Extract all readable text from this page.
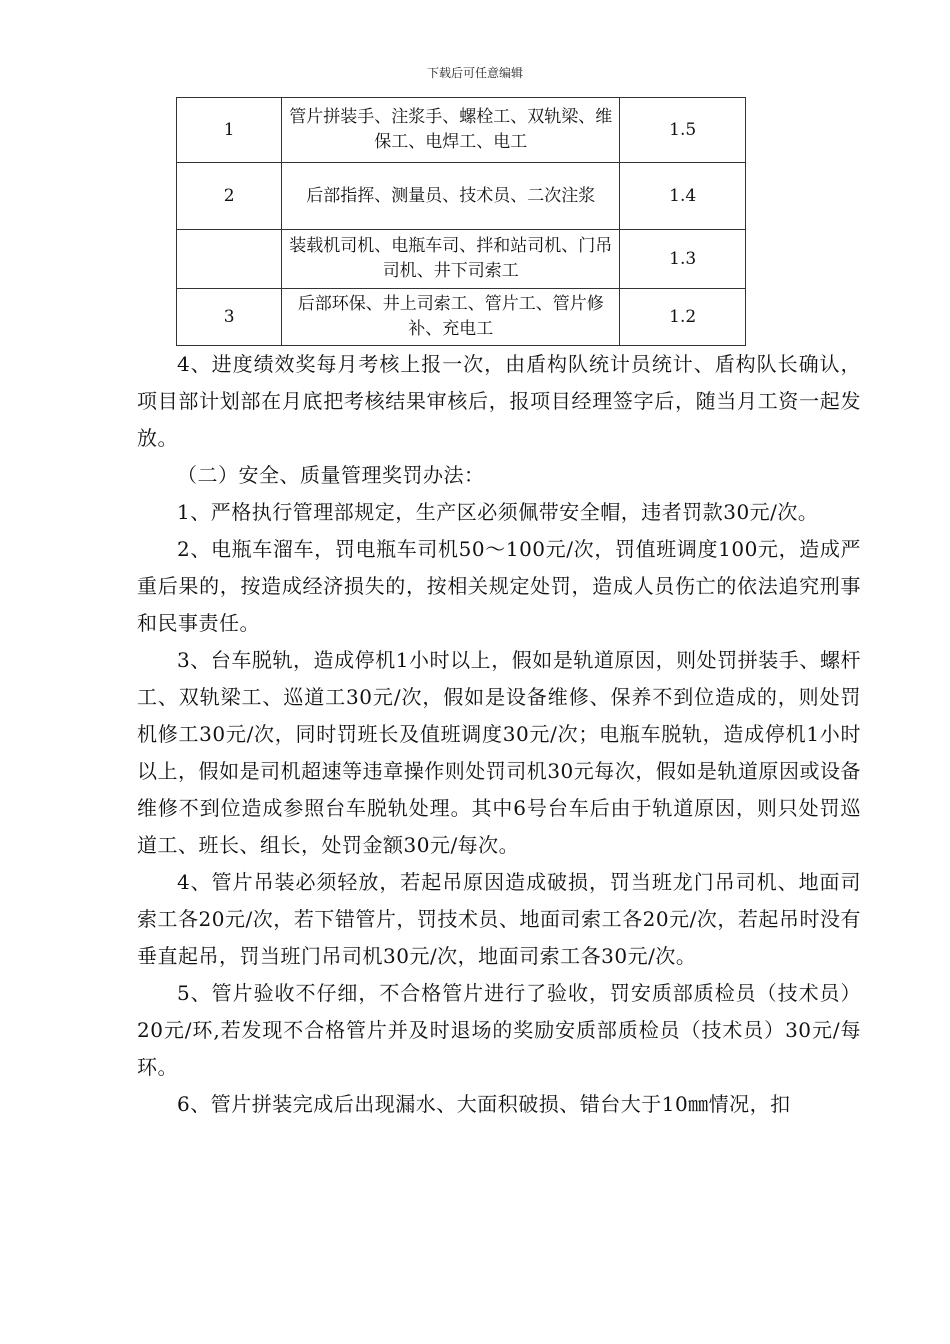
下载后可任意编辑
1	管片拼装手、注浆手、螺栓工、双轨梁、维保工、电焊工、电工	1.5
2	后部指挥、测量员、技术员、二次注浆	1.4
	装载机司机、电瓶车司、拌和站司机、门吊司机、井下司索工	1.3
3	后部环保、井上司索工、管片工、管片修补、充电工	1.2

4、进度绩效奖每月考核上报一次，由盾构队统计员统计、盾构队长确认，项目部计划部在月底把考核结果审核后，报项目经理签字后，随当月工资一起发放。

（二）安全、质量管理奖罚办法：

1、严格执行管理部规定，生产区必须佩带安全帽，违者罚款30元/次。

2、电瓶车溜车，罚电瓶车司机50～100元/次，罚值班调度100元，造成严重后果的，按造成经济损失的，按相关规定处罚，造成人员伤亡的依法追究刑事和民事责任。

3、台车脱轨，造成停机1小时以上，假如是轨道原因，则处罚拼装手、螺杆工、双轨梁工、巡道工30元/次，假如是设备维修、保养不到位造成的，则处罚机修工30元/次，同时罚班长及值班调度30元/次；电瓶车脱轨，造成停机1小时以上，假如是司机超速等违章操作则处罚司机30元每次，假如是轨道原因或设备维修不到位造成参照台车脱轨处理。其中6号台车后由于轨道原因，则只处罚巡道工、班长、组长，处罚金额30元/每次。

4、管片吊装必须轻放，若起吊原因造成破损，罚当班龙门吊司机、地面司索工各20元/次，若下错管片，罚技术员、地面司索工各20元/次，若起吊时没有垂直起吊，罚当班门吊司机30元/次，地面司索工各30元/次。

5、管片验收不仔细，不合格管片进行了验收，罚安质部质检员（技术员）20元/环,若发现不合格管片并及时退场的奖励安质部质检员（技术员）30元/每环。

6、管片拼装完成后出现漏水、大面积破损、错台大于10㎜情况，扣
